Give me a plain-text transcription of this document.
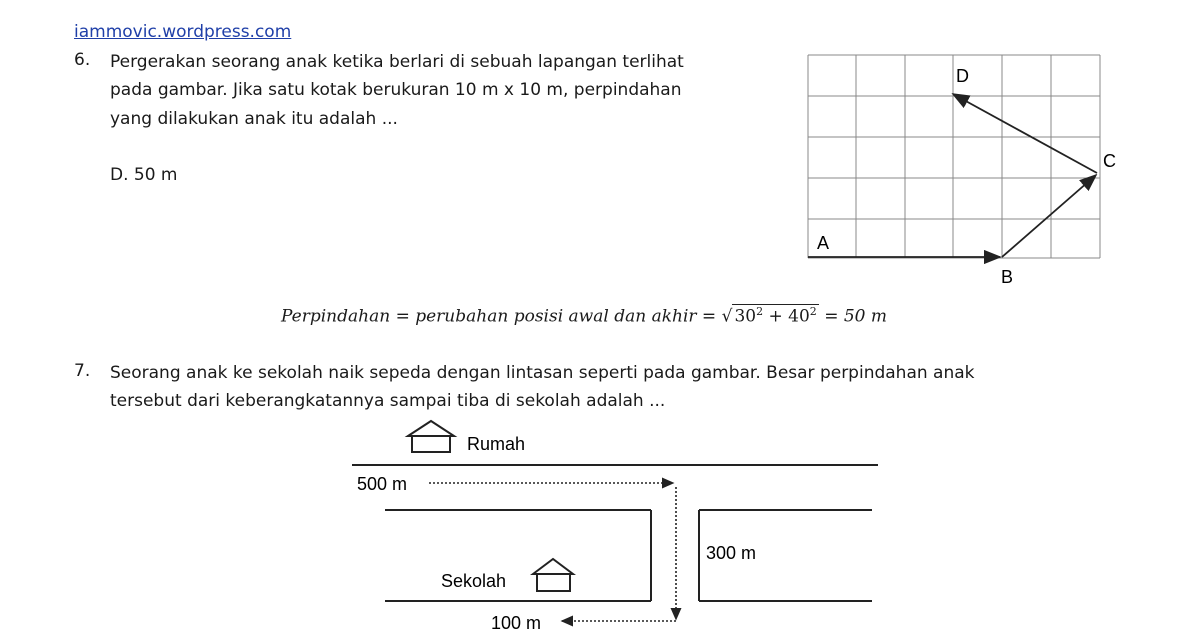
iammovic.wordpress.com
6. Pergerakan seorang anak ketika berlari di sebuah lapangan terlihat
pada gambar. Jika satu kotak berukuran 10 m x 10 m, perpindahan
yang dilakukan anak itu adalah ...
D. 50 m
A
B
C
D
Perpindahan = perubahan posisi awal dan akhir = √ $30^2 + 40^2 = 50$ m
7. Seorang anak ke sekolah naik sepeda dengan lintasan seperti pada gambar. Besar perpindahan anak
tersebut dari keberangkatannya sampai tiba di sekolah adalah ...
Rumah
500 m
300 m
100 m
Sekolah
